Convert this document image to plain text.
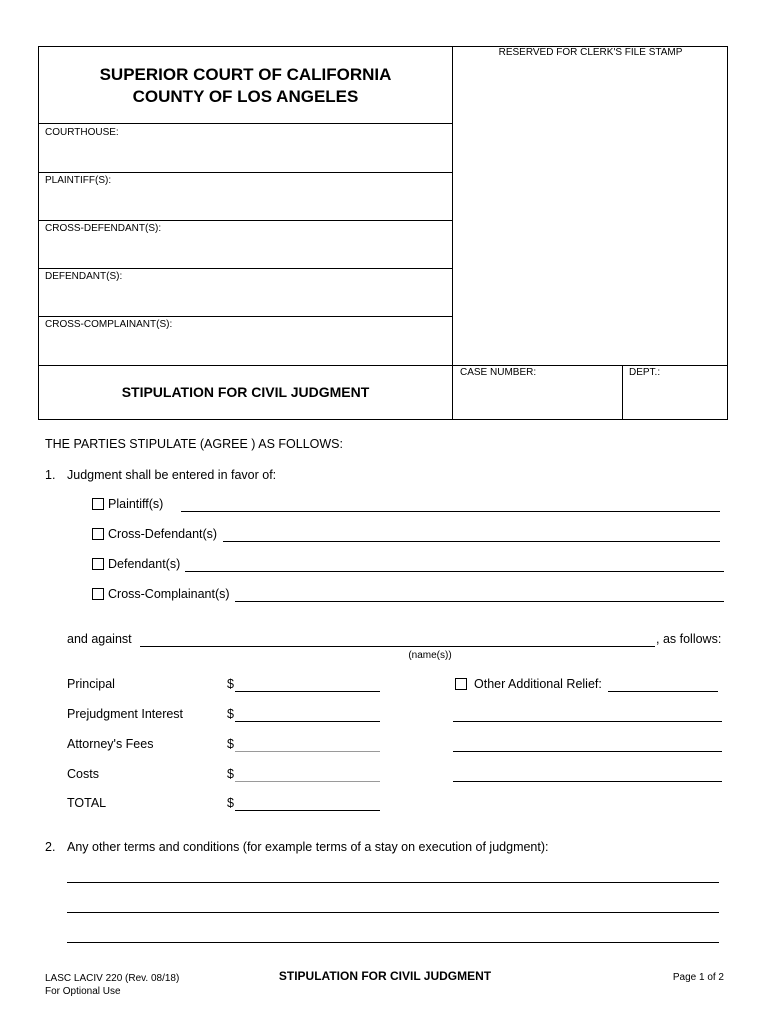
RESERVED FOR CLERK'S FILE STAMP
SUPERIOR COURT OF CALIFORNIA
COUNTY OF LOS ANGELES
COURTHOUSE:
PLAINTIFF(S):
CROSS-DEFENDANT(S):
DEFENDANT(S):
CROSS-COMPLAINANT(S):
STIPULATION FOR CIVIL JUDGMENT
CASE NUMBER:	DEPT.:
THE PARTIES STIPULATE (AGREE ) AS FOLLOWS:
1. Judgment shall be entered in favor of:
Plaintiff(s)
Cross-Defendant(s)
Defendant(s)
Cross-Complainant(s)
and against	, as follows:
(name(s))
Principal	$
Prejudgment Interest	$
Attorney's Fees	$
Costs	$
TOTAL	$
Other Additional Relief:
2. Any other terms and conditions (for example terms of a stay on execution of judgment):
LASC LACIV 220 (Rev. 08/18)
For Optional Use
STIPULATION FOR CIVIL JUDGMENT	Page 1 of 2
